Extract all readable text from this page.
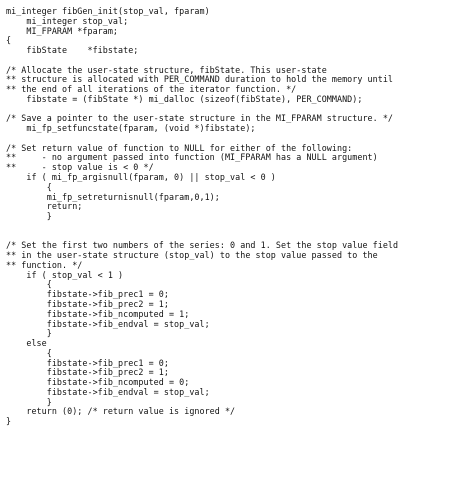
mi_integer fibGen_init(stop_val, fparam)
mi_integer stop_val;
MI_FPARAM *fparam;
{
fibState    *fibstate;
/* Allocate the user-state structure, fibState. This user-state
** structure is allocated with PER_COMMAND duration to hold the memory until
** the end of all iterations of the iterator function. */
fibstate = (fibState *) mi_dalloc (sizeof(fibState), PER_COMMAND);
/* Save a pointer to the user-state structure in the MI_FPARAM structure. */
mi_fp_setfuncstate(fparam, (void *)fibstate);
/* Set return value of function to NULL for either of the following:
**     - no argument passed into function (MI_FPARAM has a NULL argument)
**     - stop value is < 0 */
if ( mi_fp_argisnull(fparam, 0) || stop_val < 0 )
{
mi_fp_setreturnisnull(fparam,0,1);
return;
}
/* Set the first two numbers of the series: 0 and 1. Set the stop value field
** in the user-state structure (stop_val) to the stop value passed to the
** function. */
if ( stop_val < 1 )
{
fibstate->fib_prec1 = 0;
fibstate->fib_prec2 = 1;
fibstate->fib_ncomputed = 1;
fibstate->fib_endval = stop_val;
}
else
{
fibstate->fib_prec1 = 0;
fibstate->fib_prec2 = 1;
fibstate->fib_ncomputed = 0;
fibstate->fib_endval = stop_val;
}
return (0); /* return value is ignored */
}
